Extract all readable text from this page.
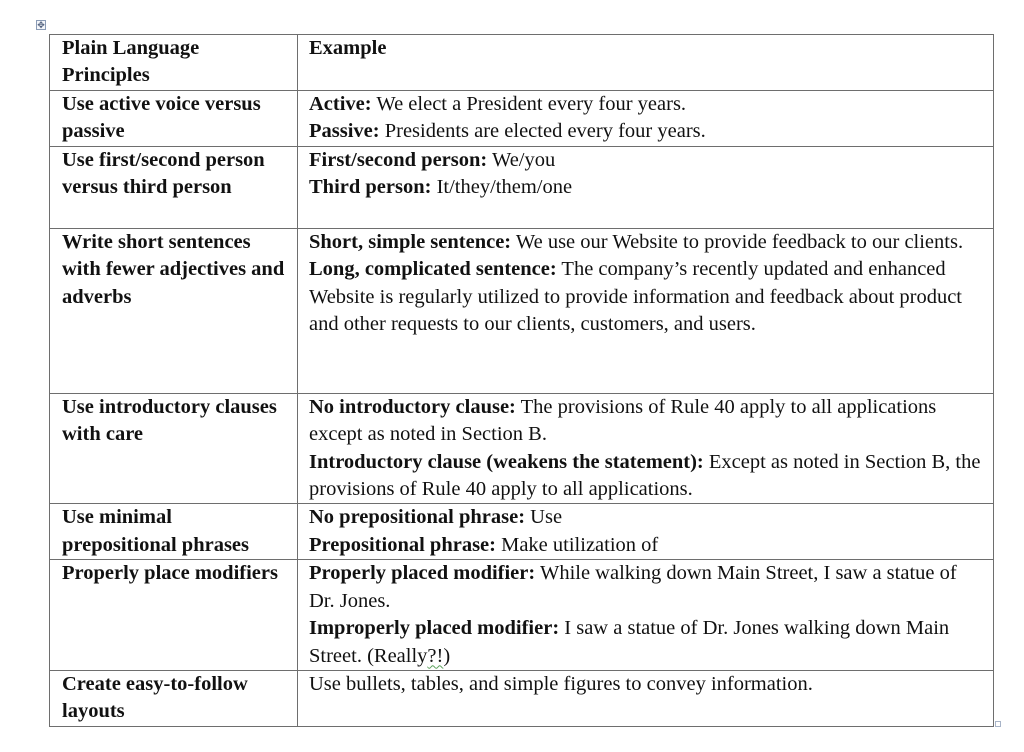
✥
Plain Language Principles	Example
Use active voice versus passive	Active: We elect a President every four years.
Passive: Presidents are elected every four years.

Use first/second person versus third person	First/second person: We/you
Third person: It/they/them/one

Write short sentences with fewer adjectives and adverbs	Short, simple sentence: We use our Website to provide feedback to our clients.
Long, complicated sentence: The company’s recently updated and enhanced Website is regularly utilized to provide information and feedback about product and other requests to our clients, customers, and users.

Use introductory clauses with care	No introductory clause: The provisions of Rule 40 apply to all applications except as noted in Section B.
Introductory clause (weakens the statement): Except as noted in Section B, the provisions of Rule 40 apply to all applications.

Use minimal prepositional phrases	No prepositional phrase: Use
Prepositional phrase: Make utilization of

Properly place modifiers	Properly placed modifier: While walking down Main Street, I saw a statue of Dr. Jones.
Improperly placed modifier: I saw a statue of Dr. Jones walking down Main Street. (Really?!)

Create easy-to-follow layouts	Use bullets, tables, and simple figures to convey information.
